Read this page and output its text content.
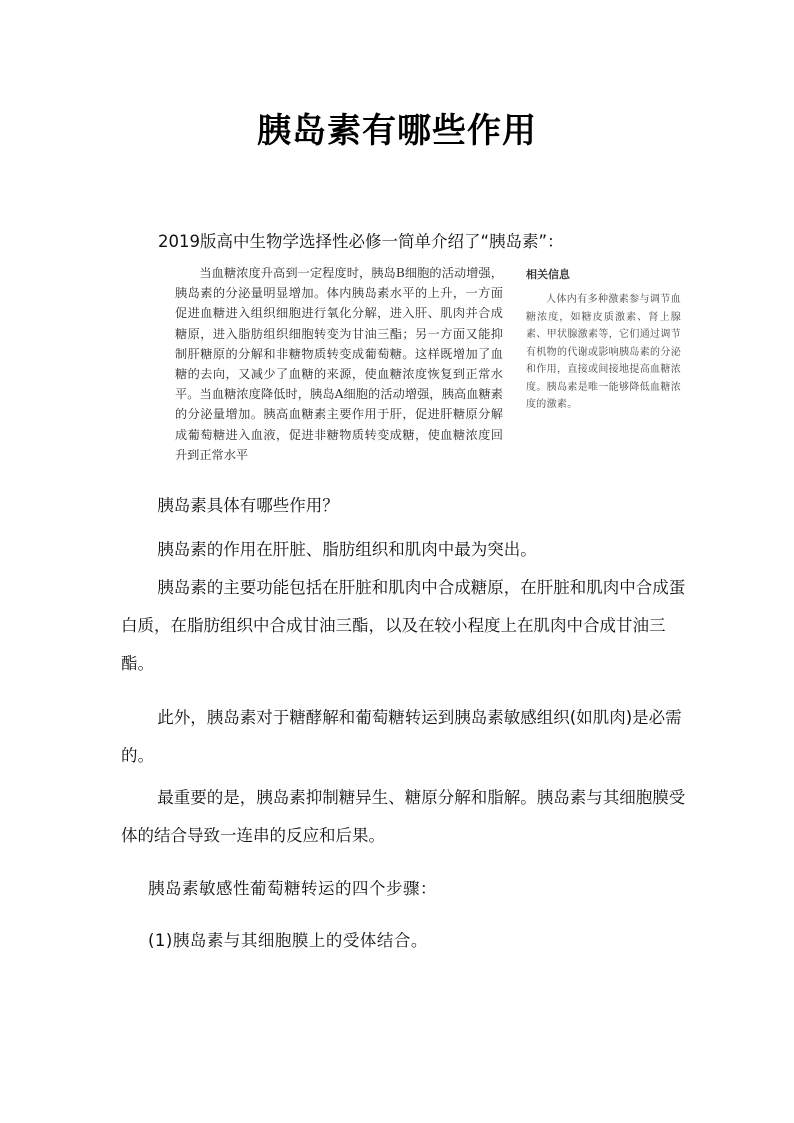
胰岛素有哪些作用
2019版高中生物学选择性必修一简单介绍了“胰岛素”：
当血糖浓度升高到一定程度时，胰岛B细胞的活动增强，胰岛素的分泌量明显增加。体内胰岛素水平的上升，一方面促进血糖进入组织细胞进行氧化分解，进入肝、肌肉并合成糖原，进入脂肪组织细胞转变为甘油三酯；另一方面又能抑制肝糖原的分解和非糖物质转变成葡萄糖。这样既增加了血糖的去向，又减少了血糖的来源，使血糖浓度恢复到正常水平。当血糖浓度降低时，胰岛A细胞的活动增强，胰高血糖素的分泌量增加。胰高血糖素主要作用于肝，促进肝糖原分解成葡萄糖进入血液，促进非糖物质转变成糖，使血糖浓度回升到正常水平
相关信息
人体内有多种激素参与调节血糖浓度，如糖皮质激素、肾上腺素、甲状腺激素等，它们通过调节有机物的代谢或影响胰岛素的分泌和作用，直接或间接地提高血糖浓度。胰岛素是唯一能够降低血糖浓度的激素。
胰岛素具体有哪些作用？
胰岛素的作用在肝脏、脂肪组织和肌肉中最为突出。
胰岛素的主要功能包括在肝脏和肌肉中合成糖原，在肝脏和肌肉中合成蛋白质，在脂肪组织中合成甘油三酯，以及在较小程度上在肌肉中合成甘油三酯。
此外，胰岛素对于糖酵解和葡萄糖转运到胰岛素敏感组织(如肌肉)是必需的。
最重要的是，胰岛素抑制糖异生、糖原分解和脂解。胰岛素与其细胞膜受体的结合导致一连串的反应和后果。
胰岛素敏感性葡萄糖转运的四个步骤：
(1)胰岛素与其细胞膜上的受体结合。
